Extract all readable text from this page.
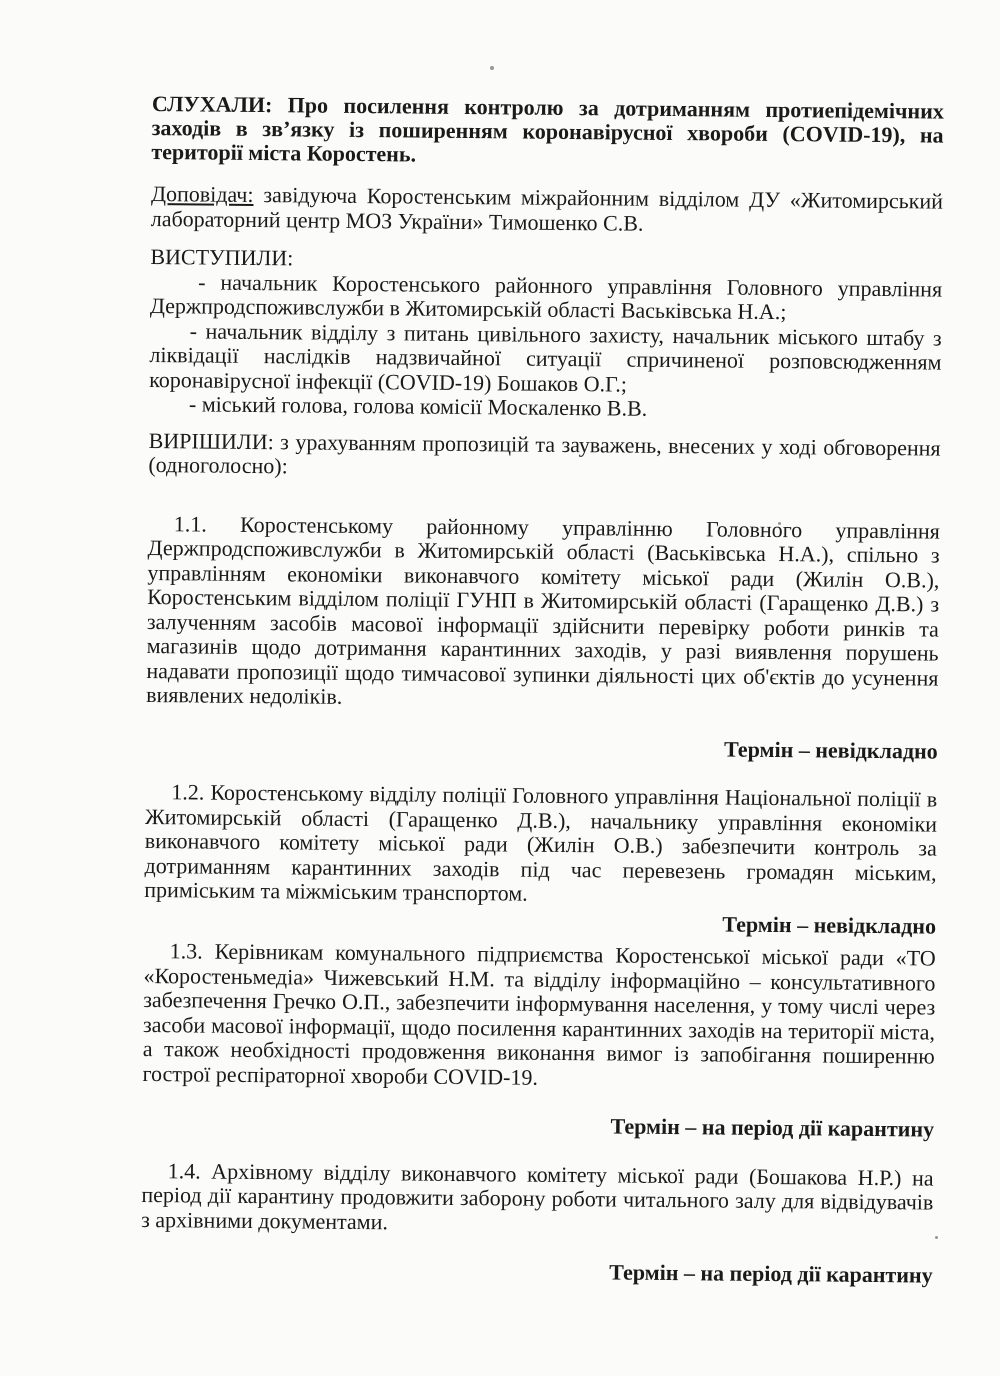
СЛУХАЛИ: Про посилення контролю за дотриманням протиепідемічних заходів в зв’язку із поширенням коронавірусної хвороби (COVID-19), на території міста Коростень.

Доповідач: завідуюча Коростенським міжрайонним відділом ДУ «Житомирський лабораторний центр МОЗ України» Тимошенко С.В.

ВИСТУПИЛИ:

- начальник Коростенського районного управління Головного управління Держпродспоживслужби в Житомирській області Васьківська Н.А.;

- начальник відділу з питань цивільного захисту, начальник міського штабу з ліквідації наслідків надзвичайної ситуації спричиненої розповсюдженням коронавірусної інфекції (COVID-19) Бошаков О.Г.;

- міський голова, голова комісії Москаленко В.В.

ВИРІШИЛИ: з урахуванням пропозицій та зауважень, внесених у ході обговорення (одноголосно):

1.1. Коростенському районному управлінню Головного управління Держпродспоживслужби в Житомирській області (Васьківська Н.А.), спільно з управлінням економіки виконавчого комітету міської ради (Жилін О.В.), Коростенським відділом поліції ГУНП в Житомирській області (Гаращенко Д.В.) з залученням засобів масової інформації здійснити перевірку роботи ринків та магазинів щодо дотримання карантинних заходів, у разі виявлення порушень надавати пропозиції щодо тимчасової зупинки діяльності цих об'єктів до усунення виявлених недоліків.

Термін – невідкладно

1.2. Коростенському відділу поліції Головного управління Національної поліції в Житомирській області (Гаращенко Д.В.), начальнику управління економіки виконавчого комітету міської ради (Жилін О.В.) забезпечити контроль за дотриманням карантинних заходів під час перевезень громадян міським, приміським та міжміським транспортом.

Термін – невідкладно

1.3. Керівникам комунального підприємства Коростенської міської ради «ТО «Коростеньмедіа» Чижевський Н.М. та відділу інформаційно – консультативного забезпечення Гречко О.П., забезпечити інформування населення, у тому числі через засоби масової інформації, щодо посилення карантинних заходів на території міста, а також необхідності продовження виконання вимог із запобігання поширенню гострої респіраторної хвороби COVID-19.

Термін – на період дії карантину

1.4. Архівному відділу виконавчого комітету міської ради (Бошакова Н.Р.) на період дії карантину продовжити заборону роботи читального залу для відвідувачів з архівними документами.

Термін – на період дії карантину
